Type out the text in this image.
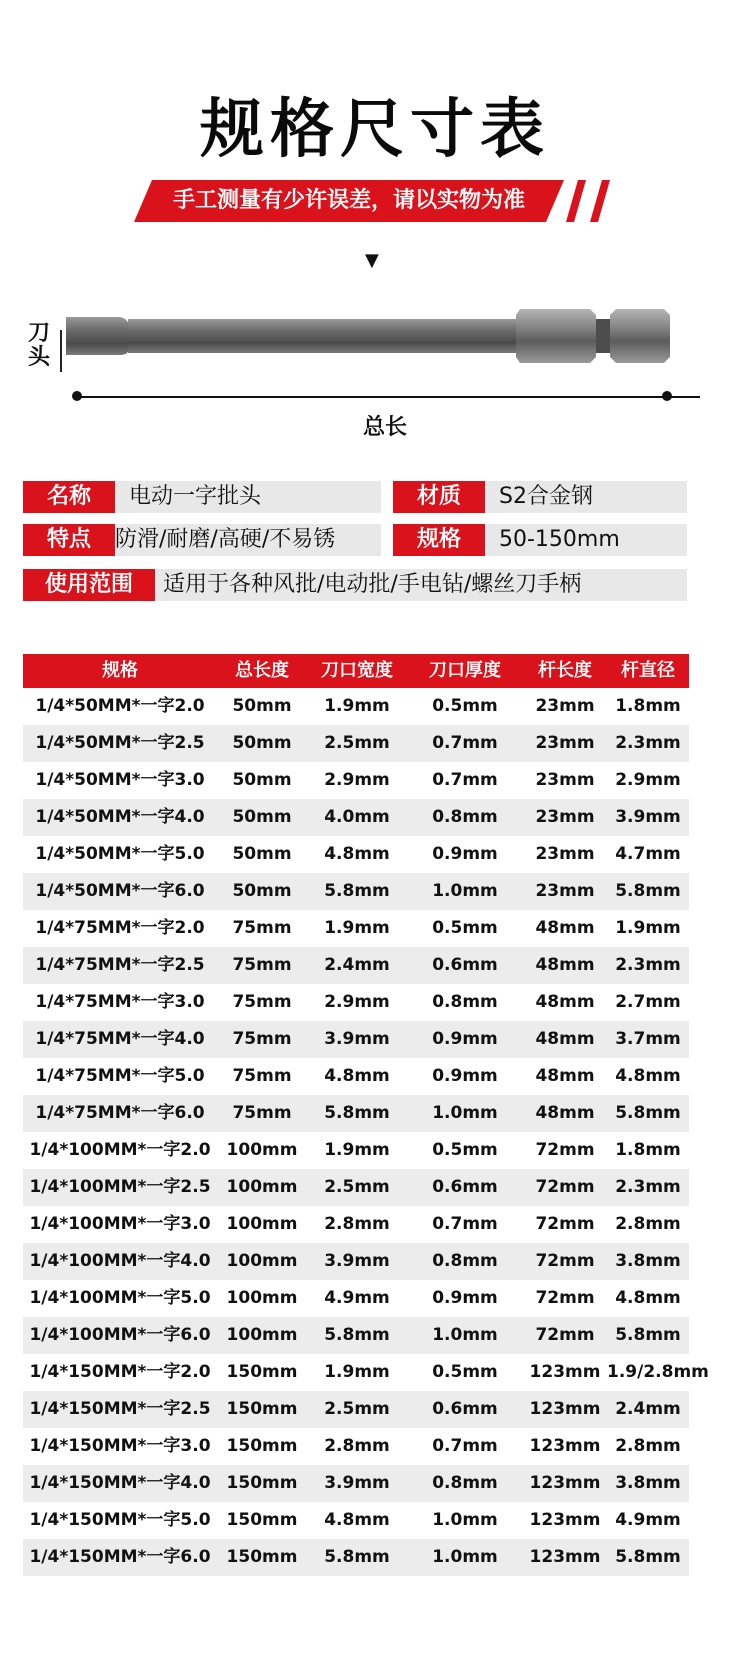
规格尺寸表
手工测量有少许误差，请以实物为准
▼
刀头
总长
名称	电动一字批头	材质	S2合金钢
特点	防滑/耐磨/高硬/不易锈	规格	50-150mm
使用范围	适用于各种风批/电动批/手电钻/螺丝刀手柄
规格	总长度	刀口宽度	刀口厚度	杆长度	杆直径
1/4*50MM*一字2.0	50mm	1.9mm	0.5mm	23mm	1.8mm
1/4*50MM*一字2.5	50mm	2.5mm	0.7mm	23mm	2.3mm
1/4*50MM*一字3.0	50mm	2.9mm	0.7mm	23mm	2.9mm
1/4*50MM*一字4.0	50mm	4.0mm	0.8mm	23mm	3.9mm
1/4*50MM*一字5.0	50mm	4.8mm	0.9mm	23mm	4.7mm
1/4*50MM*一字6.0	50mm	5.8mm	1.0mm	23mm	5.8mm
1/4*75MM*一字2.0	75mm	1.9mm	0.5mm	48mm	1.9mm
1/4*75MM*一字2.5	75mm	2.4mm	0.6mm	48mm	2.3mm
1/4*75MM*一字3.0	75mm	2.9mm	0.8mm	48mm	2.7mm
1/4*75MM*一字4.0	75mm	3.9mm	0.9mm	48mm	3.7mm
1/4*75MM*一字5.0	75mm	4.8mm	0.9mm	48mm	4.8mm
1/4*75MM*一字6.0	75mm	5.8mm	1.0mm	48mm	5.8mm
1/4*100MM*一字2.0 100mm	1.9mm	0.5mm	72mm	1.8mm
1/4*100MM*一字2.5 100mm	2.5mm	0.6mm	72mm	2.3mm
1/4*100MM*一字3.0 100mm	2.8mm	0.7mm	72mm	2.8mm
1/4*100MM*一字4.0 100mm	3.9mm	0.8mm	72mm	3.8mm
1/4*100MM*一字5.0 100mm	4.9mm	0.9mm	72mm	4.8mm
1/4*100MM*一字6.0 100mm	5.8mm	1.0mm	72mm	5.8mm
1/4*150MM*一字2.0 150mm	1.9mm	0.5mm	123mm 1.9/2.8mm
1/4*150MM*一字2.5 150mm	2.5mm	0.6mm	123mm 2.4mm
1/4*150MM*一字3.0 150mm	2.8mm	0.7mm	123mm 2.8mm
1/4*150MM*一字4.0 150mm	3.9mm	0.8mm	123mm 3.8mm
1/4*150MM*一字5.0 150mm	4.8mm	1.0mm	123mm 4.9mm
1/4*150MM*一字6.0 150mm	5.8mm	1.0mm	123mm 5.8mm
